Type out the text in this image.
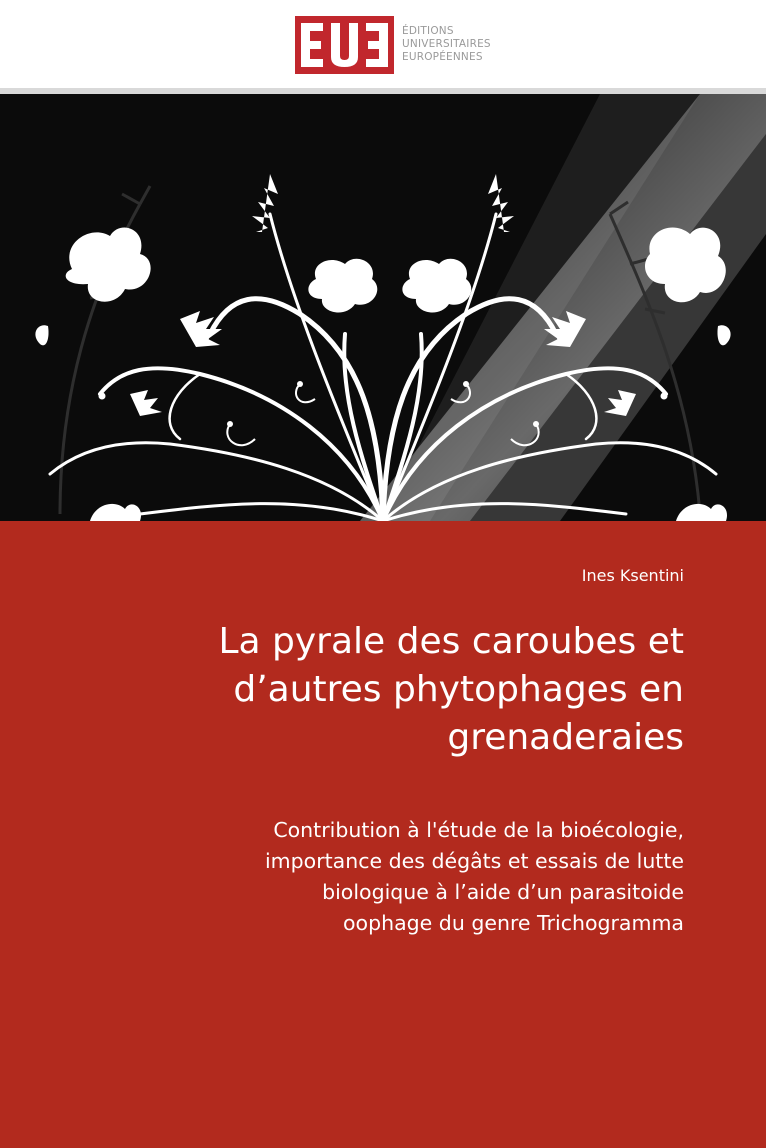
ÉDITIONS
UNIVERSITAIRES
EUROPÉENNES
Ines Ksentini
La pyrale des caroubes et
d’autres phytophages en
grenaderaies
Contribution à l'étude de la bioécologie,
importance des dégâts et essais de lutte
biologique à l’aide d’un parasitoide
oophage du genre Trichogramma
